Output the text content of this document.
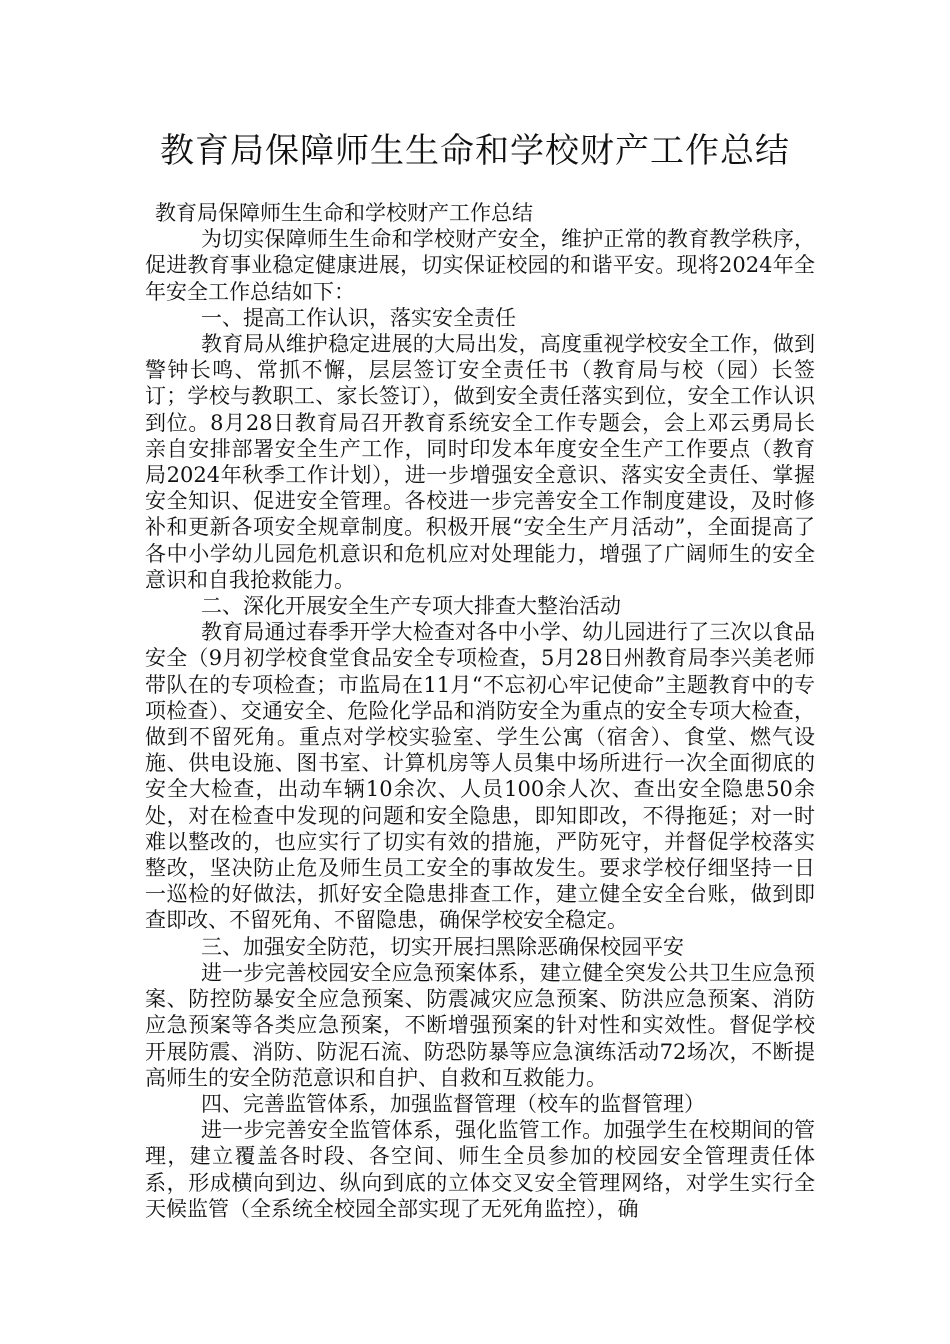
教育局保障师生生命和学校财产工作总结

教育局保障师生生命和学校财产工作总结

为切实保障师生生命和学校财产安全，维护正常的教育教学秩序，促进教育事业稳定健康进展，切实保证校园的和谐平安。现将2024年全年安全工作总结如下：

一、提高工作认识，落实安全责任

教育局从维护稳定进展的大局出发，高度重视学校安全工作，做到警钟长鸣、常抓不懈，层层签订安全责任书（教育局与校（园）长签订；学校与教职工、家长签订），做到安全责任落实到位，安全工作认识到位。8月28日教育局召开教育系统安全工作专题会，会上邓云勇局长亲自安排部署安全生产工作，同时印发本年度安全生产工作要点（教育局2024年秋季工作计划），进一步增强安全意识、落实安全责任、掌握安全知识、促进安全管理。各校进一步完善安全工作制度建设，及时修补和更新各项安全规章制度。积极开展“安全生产月活动”，全面提高了各中小学幼儿园危机意识和危机应对处理能力，增强了广阔师生的安全意识和自我抢救能力。

二、深化开展安全生产专项大排查大整治活动

教育局通过春季开学大检查对各中小学、幼儿园进行了三次以食品安全（9月初学校食堂食品安全专项检查，5月28日州教育局李兴美老师带队在的专项检查；市监局在11月“不忘初心牢记使命”主题教育中的专项检查）、交通安全、危险化学品和消防安全为重点的安全专项大检查，做到不留死角。重点对学校实验室、学生公寓（宿舍）、食堂、燃气设施、供电设施、图书室、计算机房等人员集中场所进行一次全面彻底的安全大检查，出动车辆10余次、人员100余人次、查出安全隐患50余处，对在检查中发现的问题和安全隐患，即知即改，不得拖延；对一时难以整改的，也应实行了切实有效的措施，严防死守，并督促学校落实整改，坚决防止危及师生员工安全的事故发生。要求学校仔细坚持一日一巡检的好做法，抓好安全隐患排查工作，建立健全安全台账，做到即查即改、不留死角、不留隐患，确保学校安全稳定。

三、加强安全防范，切实开展扫黑除恶确保校园平安

进一步完善校园安全应急预案体系，建立健全突发公共卫生应急预案、防控防暴安全应急预案、防震减灾应急预案、防洪应急预案、消防应急预案等各类应急预案，不断增强预案的针对性和实效性。督促学校开展防震、消防、防泥石流、防恐防暴等应急演练活动72场次，不断提高师生的安全防范意识和自护、自救和互救能力。

四、完善监管体系，加强监督管理（校车的监督管理）

进一步完善安全监管体系，强化监管工作。加强学生在校期间的管理，建立覆盖各时段、各空间、师生全员参加的校园安全管理责任体系，形成横向到边、纵向到底的立体交叉安全管理网络，对学生实行全天候监管（全系统全校园全部实现了无死角监控），确
